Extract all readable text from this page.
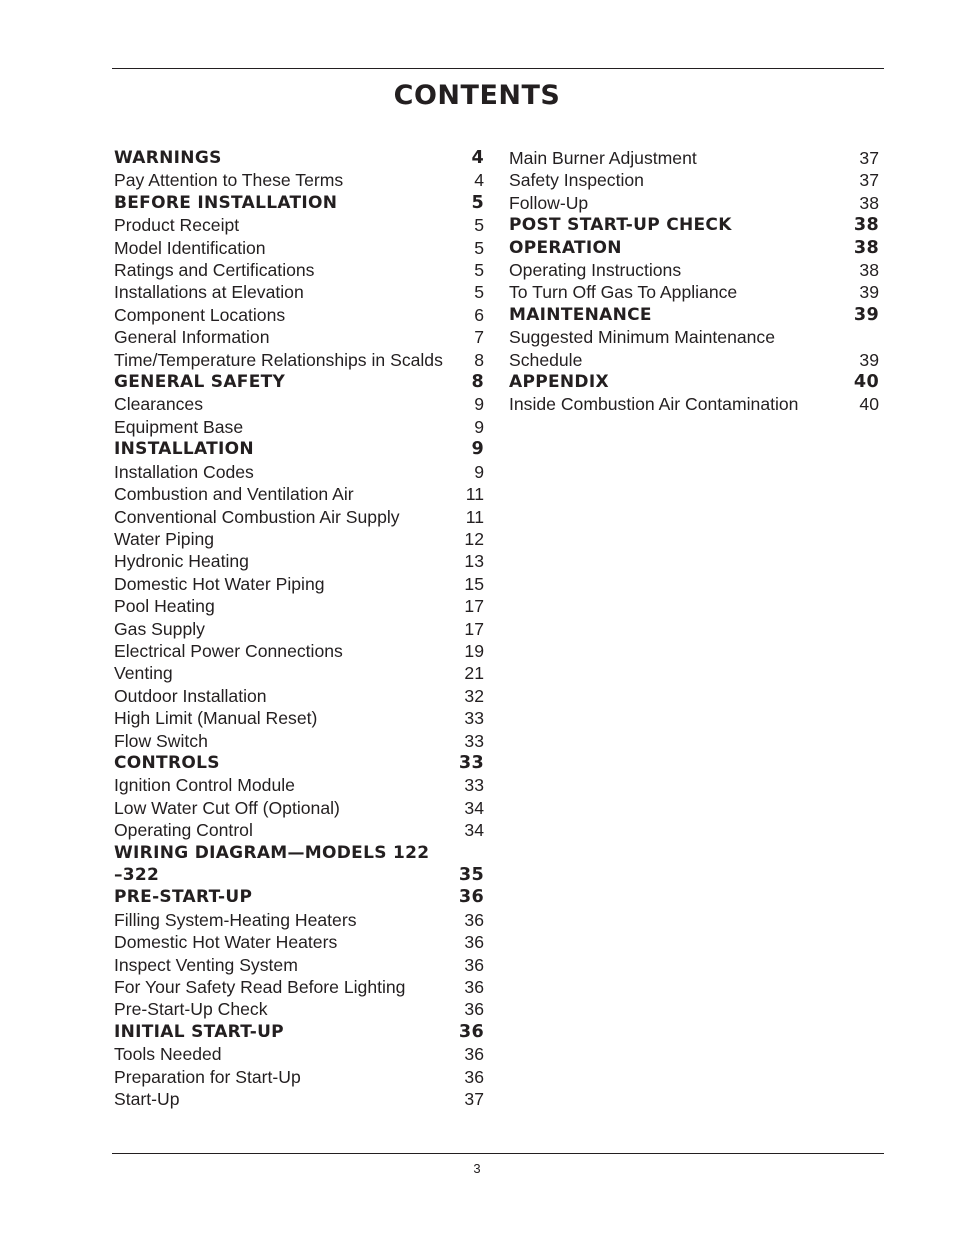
CONTENTS
WARNINGS	4
Pay Attention to These Terms	4
BEFORE INSTALLATION	5
Product Receipt	5
Model Identification	5
Ratings and Certifications	5
Installations at Elevation	5
Component Locations	6
General Information	7
Time/Temperature Relationships in Scalds	8
GENERAL SAFETY	8
Clearances	9
Equipment Base	9
INSTALLATION	9
Installation Codes	9
Combustion and Ventilation Air	11
Conventional Combustion Air Supply	11
Water Piping	12
Hydronic Heating	13
Domestic Hot Water Piping	15
Pool Heating	17
Gas Supply	17
Electrical Power Connections	19
Venting	21
Outdoor Installation	32
High Limit (Manual Reset)	33
Flow Switch	33
CONTROLS	33
Ignition Control Module	33
Low Water Cut Off (Optional)	34
Operating Control	34
WIRING DIAGRAM—MODELS 122
–322	35
PRE-START-UP	36
Filling System-Heating Heaters	36
Domestic Hot Water Heaters	36
Inspect Venting System	36
For Your Safety Read Before Lighting	36
Pre-Start-Up Check	36
INITIAL START-UP	36
Tools Needed	36
Preparation for Start-Up	36
Start-Up	37
Main Burner Adjustment	37
Safety Inspection	37
Follow-Up	38
POST START-UP CHECK	38
OPERATION	38
Operating Instructions	38
To Turn Off Gas To Appliance	39
MAINTENANCE	39
Suggested Minimum Maintenance
Schedule	39
APPENDIX	40
Inside Combustion Air Contamination	40
3
